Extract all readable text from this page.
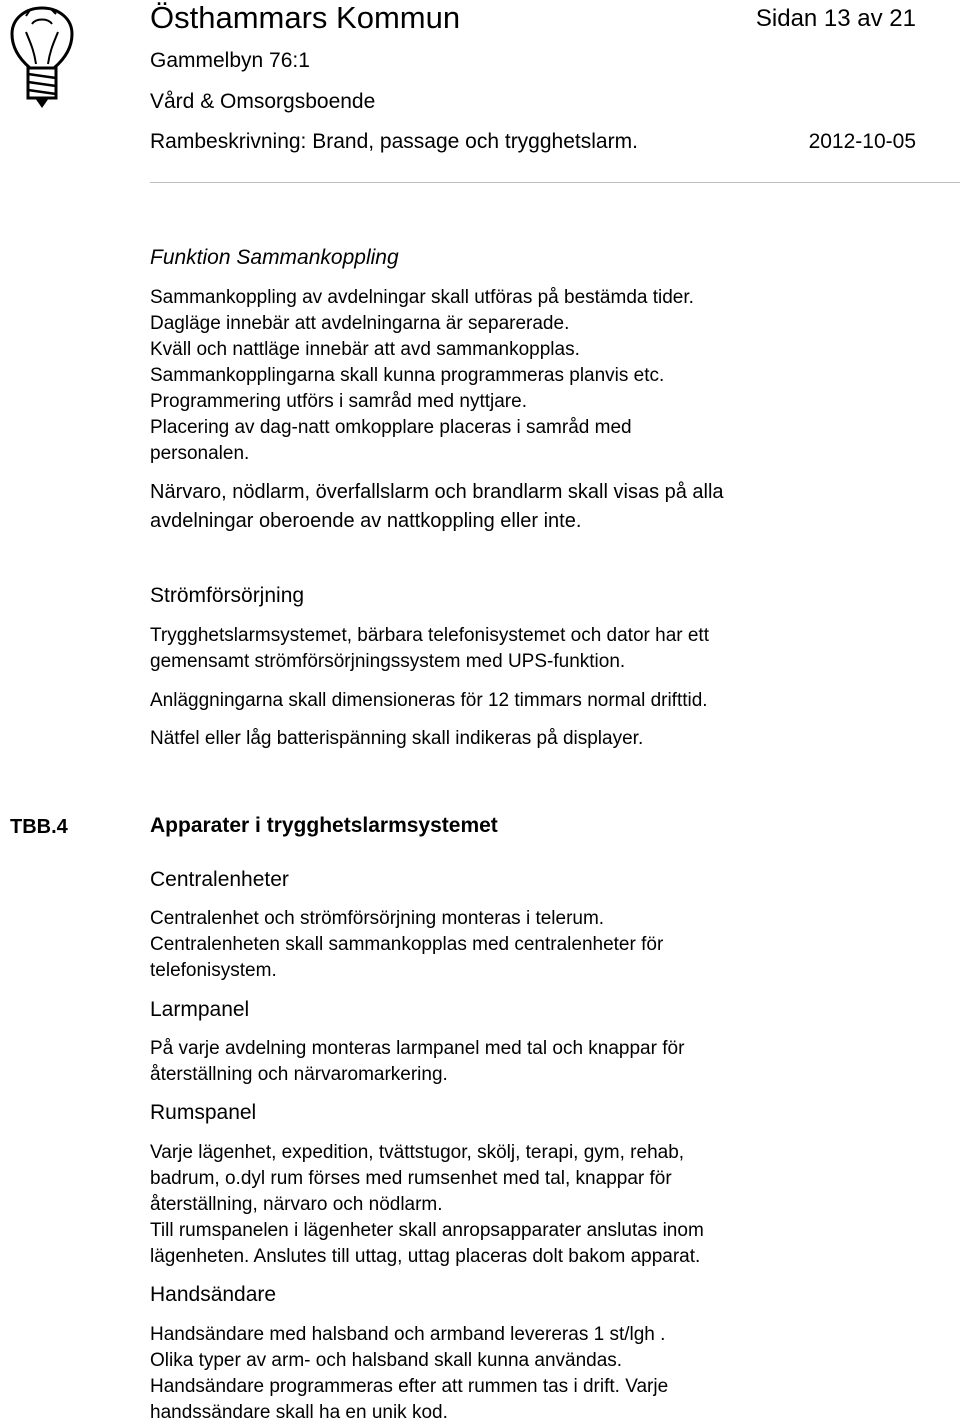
Östhammars Kommun	Sidan 13 av 21
Gammelbyn 76:1
Vård & Omsorgsboende
Rambeskrivning: Brand, passage och trygghetslarm.	2012-10-05
Funktion Sammankoppling
Sammankoppling av avdelningar skall utföras på bestämda tider.
Dagläge innebär att avdelningarna är separerade.
Kväll och nattläge innebär att avd sammankopplas.
Sammankopplingarna skall kunna programmeras planvis etc.
Programmering utförs i samråd med nyttjare.
Placering av dag-natt omkopplare placeras i samråd med
personalen.
Närvaro, nödlarm, överfallslarm och brandlarm skall visas på alla
avdelningar oberoende av nattkoppling eller inte.
Strömförsörjning
Trygghetslarmsystemet, bärbara telefonisystemet och dator har ett
gemensamt strömförsörjningssystem med UPS-funktion.
Anläggningarna skall dimensioneras för 12 timmars normal drifttid.
Nätfel eller låg batterispänning skall indikeras på displayer.
TBB.4	Apparater i trygghetslarmsystemet
Centralenheter
Centralenhet och strömförsörjning monteras i telerum.
Centralenheten skall sammankopplas med centralenheter för
telefonisystem.
Larmpanel
På varje avdelning monteras larmpanel med tal och knappar för
återställning och närvaromarkering.
Rumspanel
Varje lägenhet, expedition, tvättstugor, skölj, terapi, gym, rehab,
badrum, o.dyl rum förses med rumsenhet med tal, knappar för
återställning, närvaro och nödlarm.
Till rumspanelen i lägenheter skall anropsapparater anslutas inom
lägenheten. Anslutes till uttag, uttag placeras dolt bakom apparat.
Handsändare
Handsändare med halsband och armband levereras 1 st/lgh .
Olika typer av arm- och halsband skall kunna användas.
Handsändare programmeras efter att rummen tas i drift. Varje
handssändare skall ha en unik kod.
